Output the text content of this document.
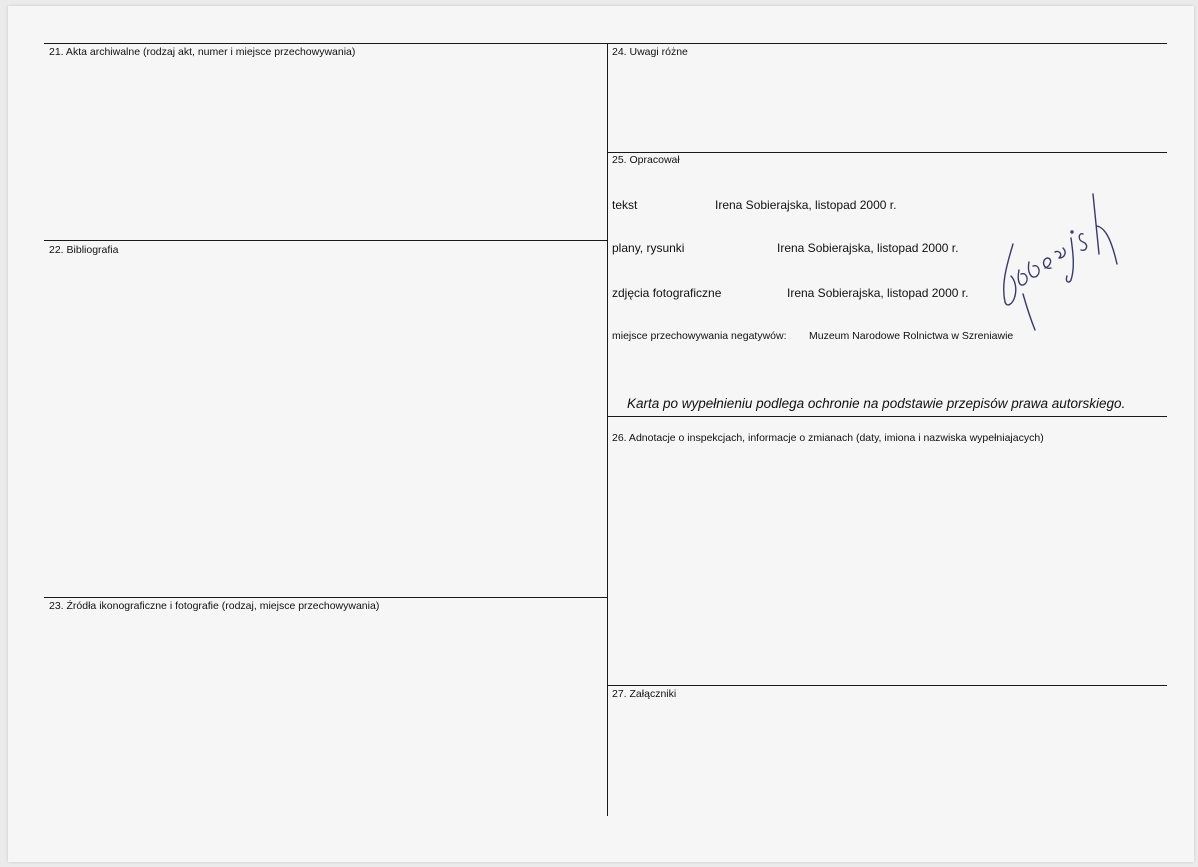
21. Akta archiwalne (rodzaj akt, numer i miejsce przechowywania)
22. Bibliografia
23. Źródła ikonograficzne i fotografie (rodzaj, miejsce przechowywania)
24. Uwagi różne
25. Opracował
26. Adnotacje o inspekcjach, informacje o zmianach (daty, imiona i nazwiska wypełniajacych)
27. Załączniki
tekst	Irena Sobierajska, listopad 2000 r.
plany, rysunki	Irena Sobierajska, listopad 2000 r.
zdjęcia fotograficzne	Irena Sobierajska, listopad 2000 r.
miejsce przechowywania negatywów: Muzeum Narodowe Rolnictwa w Szreniawie
Karta po wypełnieniu podlega ochronie na podstawie przepisów prawa autorskiego.
